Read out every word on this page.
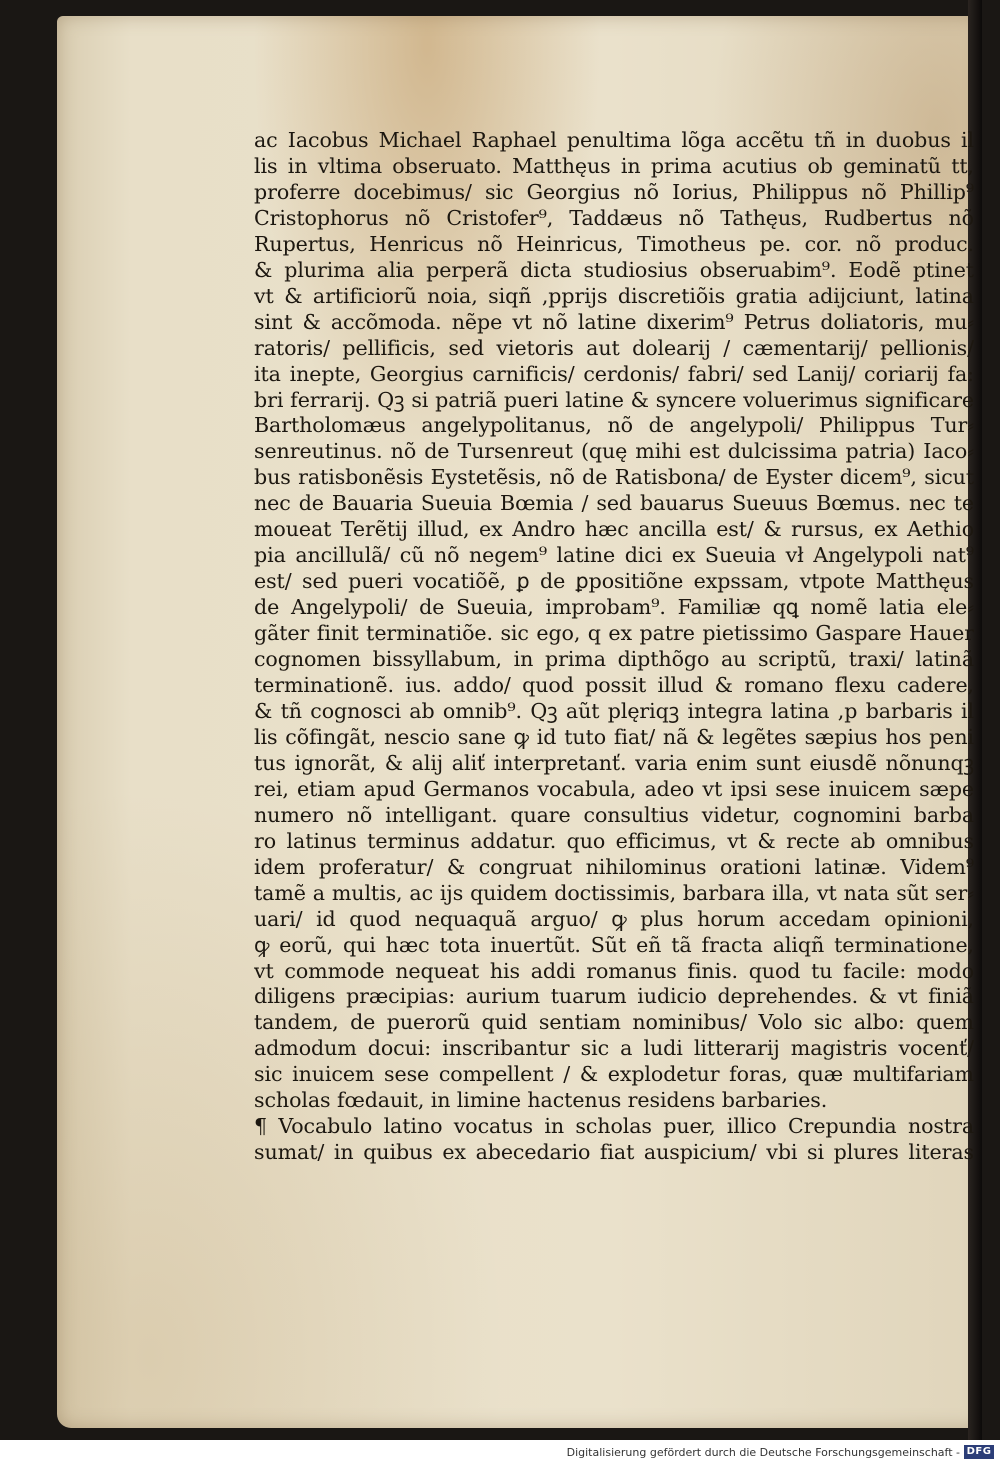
ac Iacobus Michael Raphael penultima lõga accẽtu tñ in duobus il
lis in vltima obseruato. Matthęus in prima acutius ob geminatũ tt,
proferre docebimus/ sic Georgius nõ Iorius, Philippus nõ Phillip⁹
Cristophorus nõ Cristofer⁹, Taddæus nõ Tathęus, Rudbertus nõ
Rupertus, Henricus nõ Heinricus, Timotheus pe. cor. nõ produc.
& plurima alia perperã dicta studiosius obseruabim⁹. Eodẽ ptinet
vt & artificiorũ noia, siqñ ,pprijs discretiõis gratia adijciunt, latina
sint & accõmoda. nẽpe vt nõ latine dixerim⁹ Petrus doliatoris, mu⸗
ratoris/ pellificis, sed vietoris aut dolearij / cæmentarij/ pellionis/
ita inepte, Georgius carnificis/ cerdonis/ fabri/ sed Lanij/ coriarij fa:
bri ferrarij. Qꝫ si patriã pueri latine & syncere voluerimus significare
Bartholomæus angelypolitanus, nõ de angelypoli/ Philippus Tur⸗
senreutinus. nõ de Tursenreut (quę mihi est dulcissima patria) Iaco⸗
bus ratisbonẽsis Eystetẽsis, nõ de Ratisbona/ de Eyster dicem⁹, sicut
nec de Bauaria Sueuia Bœmia / sed bauarus Sueuus Bœmus. nec te
moueat Terẽtij illud, ex Andro hæc ancilla est/ & rursus, ex Aethio
pia ancillulã/ cũ nõ negem⁹ latine dici ex Sueuia vł Angelypoli nat⁹
est/ sed pueri vocatiõẽ, ꝑ de ꝑpositiõne expssam, vtpote Matthęus
de Angelypoli/ de Sueuia, improbam⁹. Familiæ qꝗ nomẽ latia ele⸗
gãter finit terminatiõe. sic ego, q ex patre pietissimo Gaspare Hauer
cognomen bissyllabum, in prima dipthõgo au scriptũ, traxi/ latinã
terminationẽ. ius. addo/ quod possit illud & romano flexu cadere,
& tñ cognosci ab omnib⁹. Qꝫ aũt plęriqꝫ integra latina ,p barbaris il
lis cõfingãt, nescio sane ꝙ id tuto fiat/ nã & legẽtes sæpius hos peni
tus ignorãt, & alij aliť interpretanť. varia enim sunt eiusdẽ nõnunqꝫ
rei, etiam apud Germanos vocabula, adeo vt ipsi sese inuicem sæpe
numero nõ intelligant. quare consultius videtur, cognomini barba
ro latinus terminus addatur. quo efficimus, vt & recte ab omnibus
idem proferatur/ & congruat nihilominus orationi latinæ. Videm⁹
tamẽ a multis, ac ijs quidem doctissimis, barbara illa, vt nata sũt ser⸗
uari/ id quod nequaquã arguo/ ꝙ plus horum accedam opinioni,
ꝙ eorũ, qui hæc tota inuertũt. Sũt eñ tã fracta aliqñ terminatione,
vt commode nequeat his addi romanus finis. quod tu facile: modo
diligens præcipias: aurium tuarum iudicio deprehendes. & vt finiã
tandem, de puerorũ quid sentiam nominibus/ Volo sic albo: quem
admodum docui: inscribantur sic a ludi litterarij magistris vocenť/
sic inuicem sese compellent / & explodetur foras, quæ multifariam
scholas fœdauit, in limine hactenus residens barbaries.
¶ Vocabulo latino vocatus in scholas puer, illico Crepundia nostra
sumat/ in quibus ex abecedario fiat auspicium/ vbi si plures literas
Digitalisierung gefördert durch die Deutsche Forschungsgemeinschaft - DFG
